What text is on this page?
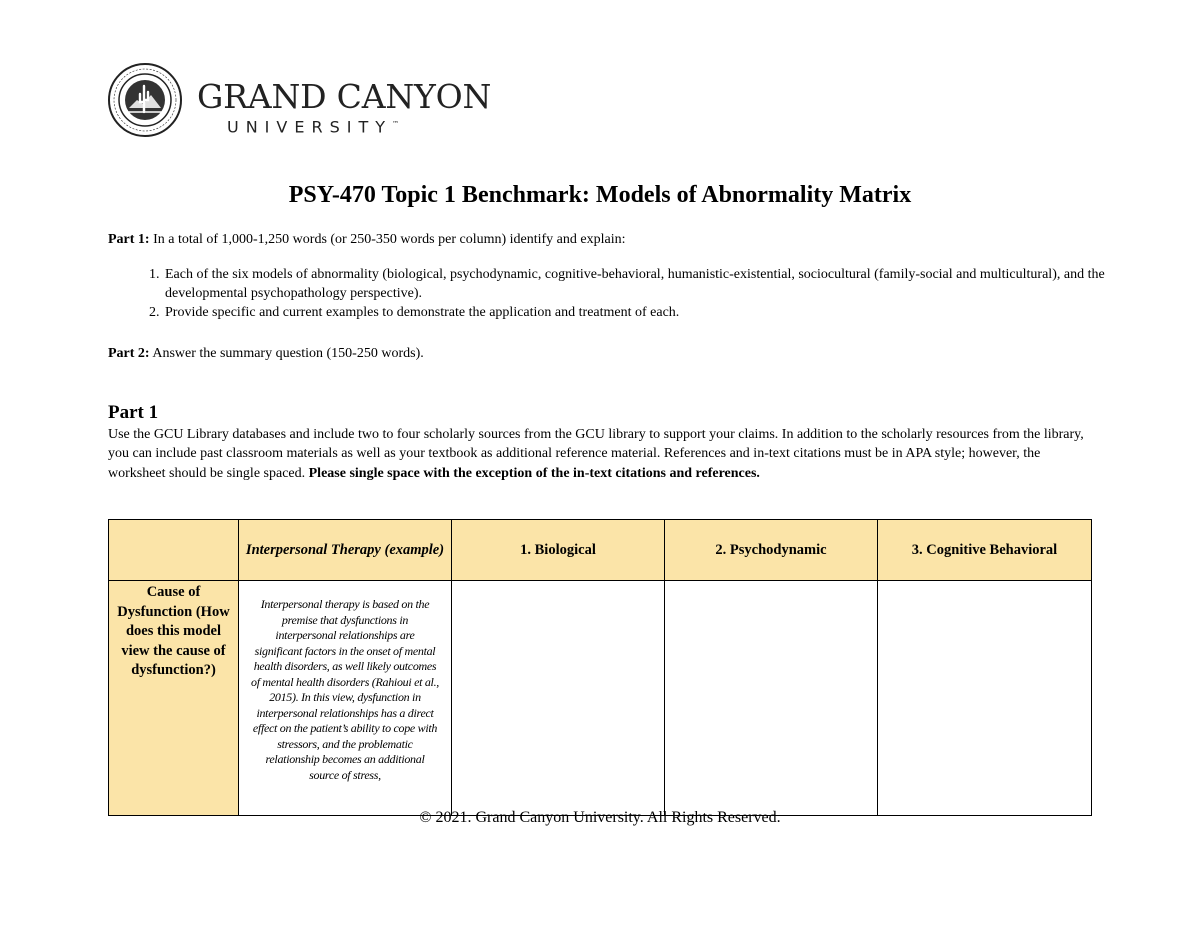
GRAND CANYON
UNIVERSITY™
PSY-470 Topic 1 Benchmark: Models of Abnormality Matrix
Part 1: In a total of 1,000-1,250 words (or 250-350 words per column) identify and explain:
1. Each of the six models of abnormality (biological, psychodynamic, cognitive-behavioral, humanistic-existential, sociocultural (family-social and multicultural), and the developmental psychopathology perspective).
2. Provide specific and current examples to demonstrate the application and treatment of each.
Part 2: Answer the summary question (150-250 words).
Part 1
Use the GCU Library databases and include two to four scholarly sources from the GCU library to support your claims. In addition to the scholarly resources from the library, you can include past classroom materials as well as your textbook as additional reference material. References and in-text citations must be in APA style; however, the worksheet should be single spaced. Please single space with the exception of the in-text citations and references.
	Interpersonal Therapy (example)	1. Biological	2. Psychodynamic	3. Cognitive Behavioral
Cause of Dysfunction (How does this model view the cause of dysfunction?)	Interpersonal therapy is based on the premise that dysfunctions in interpersonal relationships are significant factors in the onset of mental health disorders, as well likely outcomes of mental health disorders (Rahioui et al., 2015). In this view, dysfunction in interpersonal relationships has a direct effect on the patient’s ability to cope with stressors, and the problematic relationship becomes an additional source of stress,			

© 2021. Grand Canyon University. All Rights Reserved.
